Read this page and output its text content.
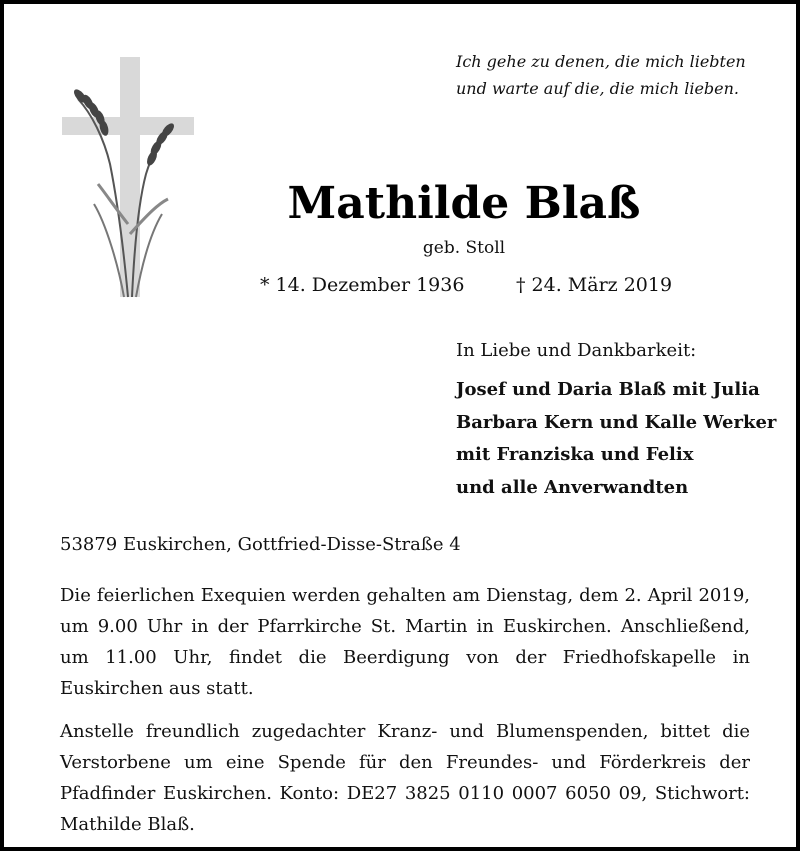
Ich gehe zu denen, die mich liebten
und warte auf die, die mich lieben.
Mathilde Blaß
geb. Stoll
* 14. Dezember 1936	† 24. März 2019
In Liebe und Dankbarkeit:
Josef und Daria Blaß mit Julia
Barbara Kern und Kalle Werker
mit Franziska und Felix
und alle Anverwandten
53879 Euskirchen, Gottfried-Disse-Straße 4
Die feierlichen Exequien werden gehalten am Dienstag, dem 2. April 2019, um 9.00 Uhr in der Pfarrkirche St. Martin in Euskirchen. Anschließend, um 11.00 Uhr, findet die Beerdigung von der Friedhofskapelle in Euskirchen aus statt.
Anstelle freundlich zugedachter Kranz- und Blumenspenden, bittet die Verstorbene um eine Spende für den Freundes- und Förderkreis der Pfadfinder Euskirchen. Konto: DE27 3825 0110 0007 6050 09, Stichwort: Mathilde Blaß.
